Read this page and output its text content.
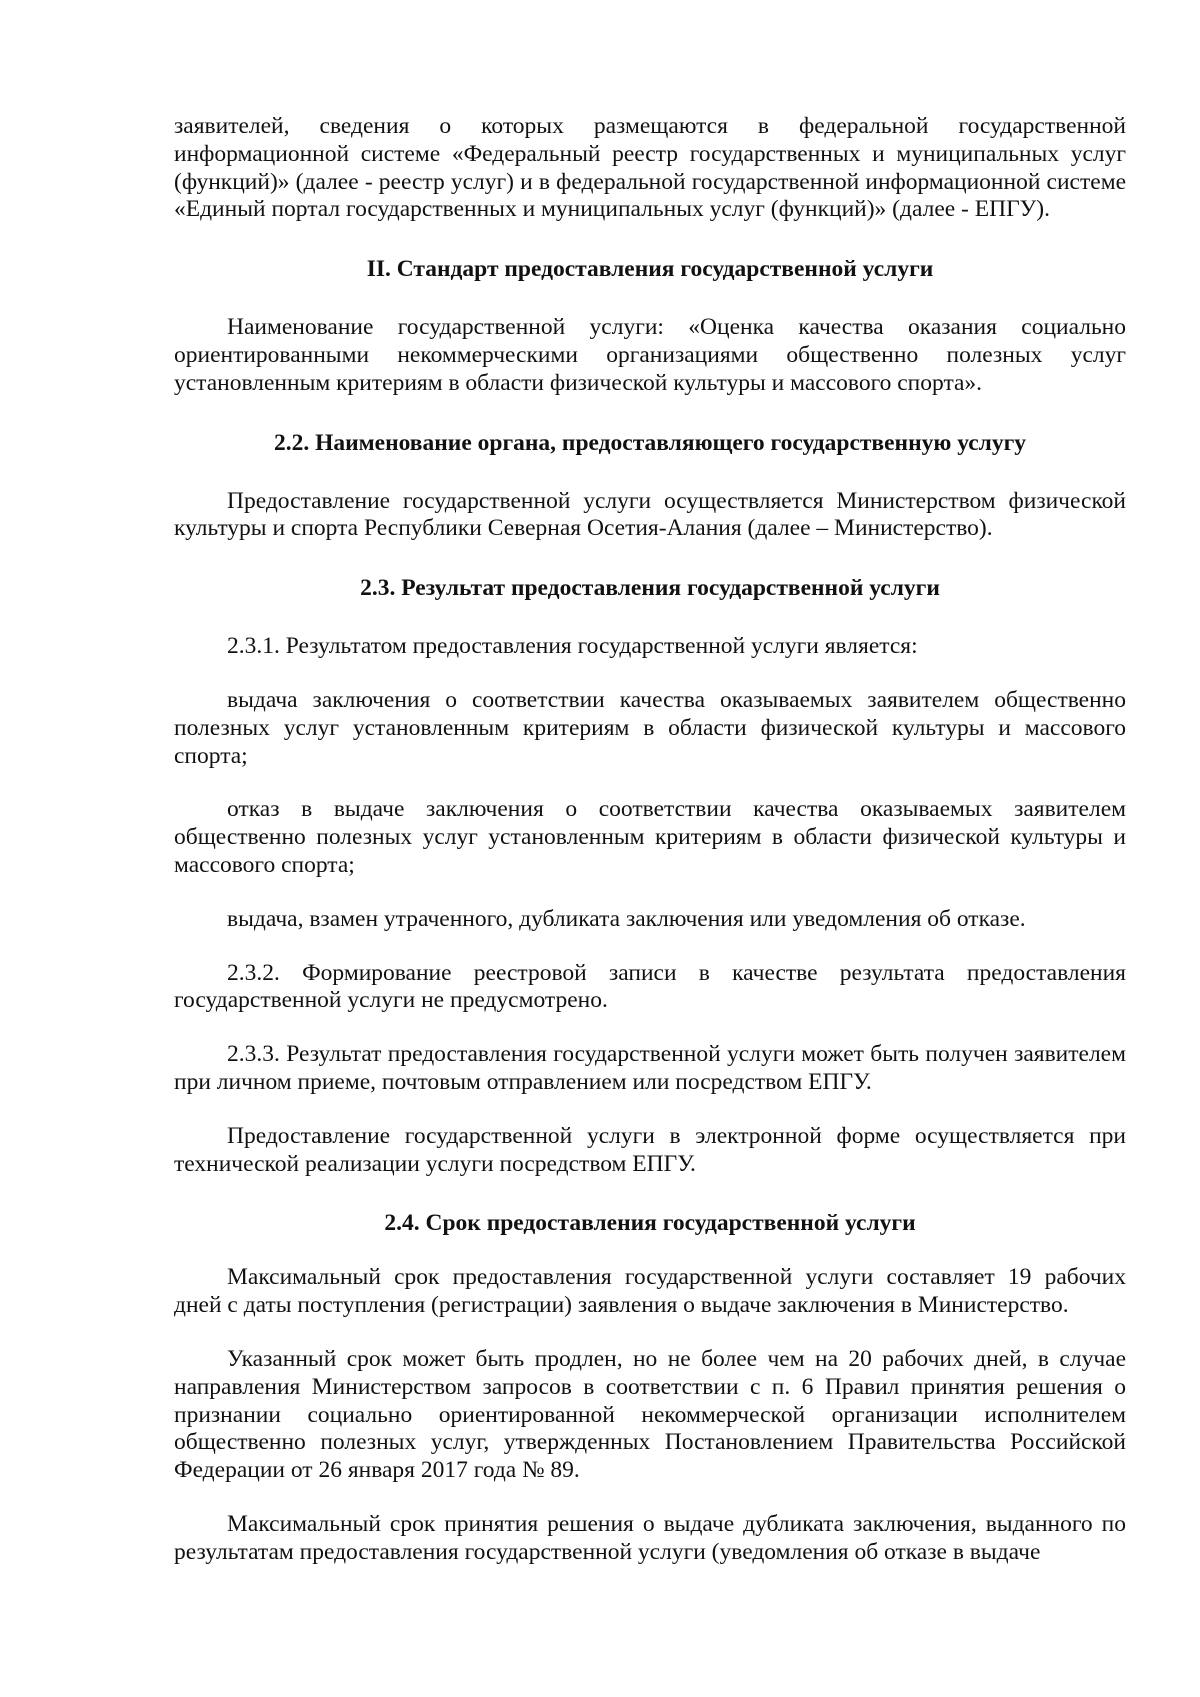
заявителей, сведения о которых размещаются в федеральной государственной информационной системе «Федеральный реестр государственных и муниципальных услуг (функций)» (далее - реестр услуг) и в федеральной государственной информационной системе «Единый портал государственных и муниципальных услуг (функций)» (далее - ЕПГУ).

II. Стандарт предоставления государственной услуги

Наименование государственной услуги: «Оценка качества оказания социально ориентированными некоммерческими организациями общественно полезных услуг установленным критериям в области физической культуры и массового спорта».

2.2. Наименование органа, предоставляющего государственную услугу

Предоставление государственной услуги осуществляется Министерством физической культуры и спорта Республики Северная Осетия-Алания (далее – Министерство).

2.3. Результат предоставления государственной услуги

2.3.1. Результатом предоставления государственной услуги является:

выдача заключения о соответствии качества оказываемых заявителем общественно полезных услуг установленным критериям в области физической культуры и массового спорта;

отказ в выдаче заключения о соответствии качества оказываемых заявителем общественно полезных услуг установленным критериям в области физической культуры и массового спорта;

выдача, взамен утраченного, дубликата заключения или уведомления об отказе.

2.3.2. Формирование реестровой записи в качестве результата предоставления государственной услуги не предусмотрено.

2.3.3. Результат предоставления государственной услуги может быть получен заявителем при личном приеме, почтовым отправлением или посредством ЕПГУ.

Предоставление государственной услуги в электронной форме осуществляется при технической реализации услуги посредством ЕПГУ.

2.4. Срок предоставления государственной услуги

Максимальный срок предоставления государственной услуги составляет 19 рабочих дней с даты поступления (регистрации) заявления о выдаче заключения в Министерство.

Указанный срок может быть продлен, но не более чем на 20 рабочих дней, в случае направления Министерством запросов в соответствии с п. 6 Правил принятия решения о признании социально ориентированной некоммерческой организации исполнителем общественно полезных услуг, утвержденных Постановлением Правительства Российской Федерации от 26 января 2017 года № 89.

Максимальный срок принятия решения о выдаче дубликата заключения, выданного по результатам предоставления государственной услуги (уведомления об отказе в выдаче
